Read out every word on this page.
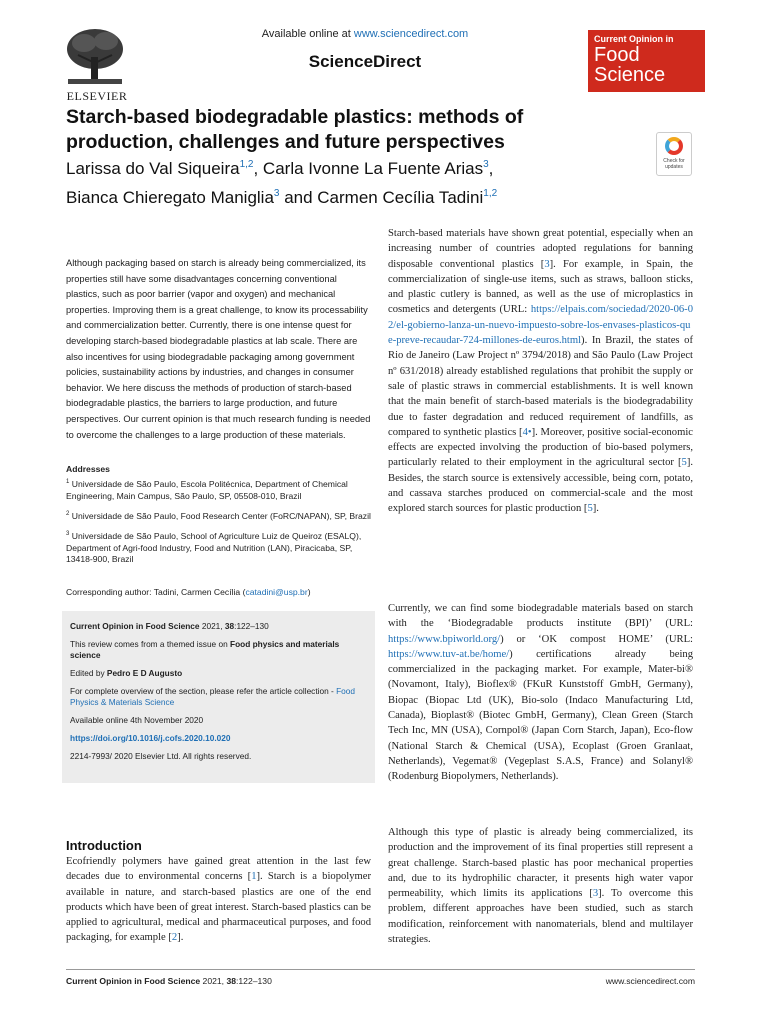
ELSEVIER
Available online at www.sciencedirect.com
ScienceDirect
Current Opinion in
Food
Science
Starch-based biodegradable plastics: methods of
production, challenges and future perspectives
Larissa do Val Siqueira$^{1,2}$, Carla Ivonne La Fuente Arias$^3$,
Bianca Chieregato Maniglia$^3$ and Carmen Cecília Tadini$^{1,2}$
Check for updates
Although packaging based on starch is already being commercialized, its properties still have some disadvantages concerning conventional plastics, such as poor barrier (vapor and oxygen) and mechanical properties. Improving them is a great challenge, to know its processability and commercialization better. Currently, there is one intense quest for developing starch-based biodegradable plastics at lab scale. There are also incentives for using biodegradable packaging among government policies, sustainability actions by industries, and changes in consumer behavior. We here discuss the methods of production of starch-based biodegradable plastics, the barriers to large production, and future perspectives. Our current opinion is that much research funding is needed to overcome the challenges to a large production of these materials.
Addresses

$^1$ Universidade de São Paulo, Escola Politécnica, Department of Chemical Engineering, Main Campus, São Paulo, SP, 05508-010, Brazil

$^2$ Universidade de São Paulo, Food Research Center (FoRC/NAPAN), SP, Brazil

$^3$ Universidade de São Paulo, School of Agriculture Luiz de Queiroz (ESALQ), Department of Agri-food Industry, Food and Nutrition (LAN), Piracicaba, SP, 13418-900, Brazil

Corresponding author: Tadini, Carmen Cecília (catadini@usp.br)

Current Opinion in Food Science 2021, 38:122–130

This review comes from a themed issue on Food physics and materials science

Edited by Pedro E D Augusto

For complete overview of the section, please refer the article collection - Food Physics & Materials Science

Available online 4th November 2020

https://doi.org/10.1016/j.cofs.2020.10.020

2214-7993/ 2020 Elsevier Ltd. All rights reserved.

Introduction
Ecofriendly polymers have gained great attention in the last few decades due to environmental concerns [1]. Starch is a biopolymer available in nature, and starch-based plastics are one of the end products which have been of great interest. Starch-based plastics can be applied to agricultural, medical and pharmaceutical purposes, and food packaging, for example [2].
Starch-based materials have shown great potential, especially when an increasing number of countries adopted regulations for banning disposable conventional plastics [3]. For example, in Spain, the commercialization of single-use items, such as straws, balloon sticks, and plastic cutlery is banned, as well as the use of microplastics in cosmetics and detergents (URL: https://elpais.com/sociedad/2020-06-02/el-gobierno-lanza-un-nuevo-impuesto-sobre-los-envases-plasticos-que-preve-recaudar-724-millones-de-euros.html). In Brazil, the states of Rio de Janeiro (Law Project nº 3794/2018) and São Paulo (Law Project nº 631/2018) already established regulations that prohibit the supply or sale of plastic straws in commercial establishments. It is well known that the main benefit of starch-based materials is the biodegradability due to faster degradation and reduced requirement of landfills, as compared to synthetic plastics [4•]. Moreover, positive social-economic effects are expected involving the production of bio-based polymers, particularly related to their employment in the agricultural sector [5]. Besides, the starch source is extensively accessible, being corn, potato, and cassava starches produced on commercial-scale and the most explored starch sources for plastic production [5].
Currently, we can find some biodegradable materials based on starch with the ‘Biodegradable products institute (BPI)’ (URL: https://www.bpiworld.org/) or ‘OK compost HOME’ (URL: https://www.tuv-at.be/home/) certifications already being commercialized in the packaging market. For example, Mater-bi® (Novamont, Italy), Bioflex® (FKuR Kunststoff GmbH, Germany), Biopac (Biopac Ltd (UK), Bio-solo (Indaco Manufacturing Ltd, Canada), Bioplast® (Biotec GmbH, Germany), Clean Green (Starch Tech Inc, MN (USA), Cornpol® (Japan Corn Starch, Japan), Eco-flow (National Starch & Chemical (USA), Ecoplast (Groen Granlaat, Netherlands), Vegemat® (Vegeplast S.A.S, France) and Solanyl® (Rodenburg Biopolymers, Netherlands).
Although this type of plastic is already being commercialized, its production and the improvement of its final properties still represent a great challenge. Starch-based plastic has poor mechanical properties and, due to its hydrophilic character, it presents high water vapor permeability, which limits its applications [3]. To overcome this problem, different approaches have been studied, such as starch modification, reinforcement with nanomaterials, blend and multilayer strategies.
Current Opinion in Food Science 2021, 38:122–130	www.sciencedirect.com
